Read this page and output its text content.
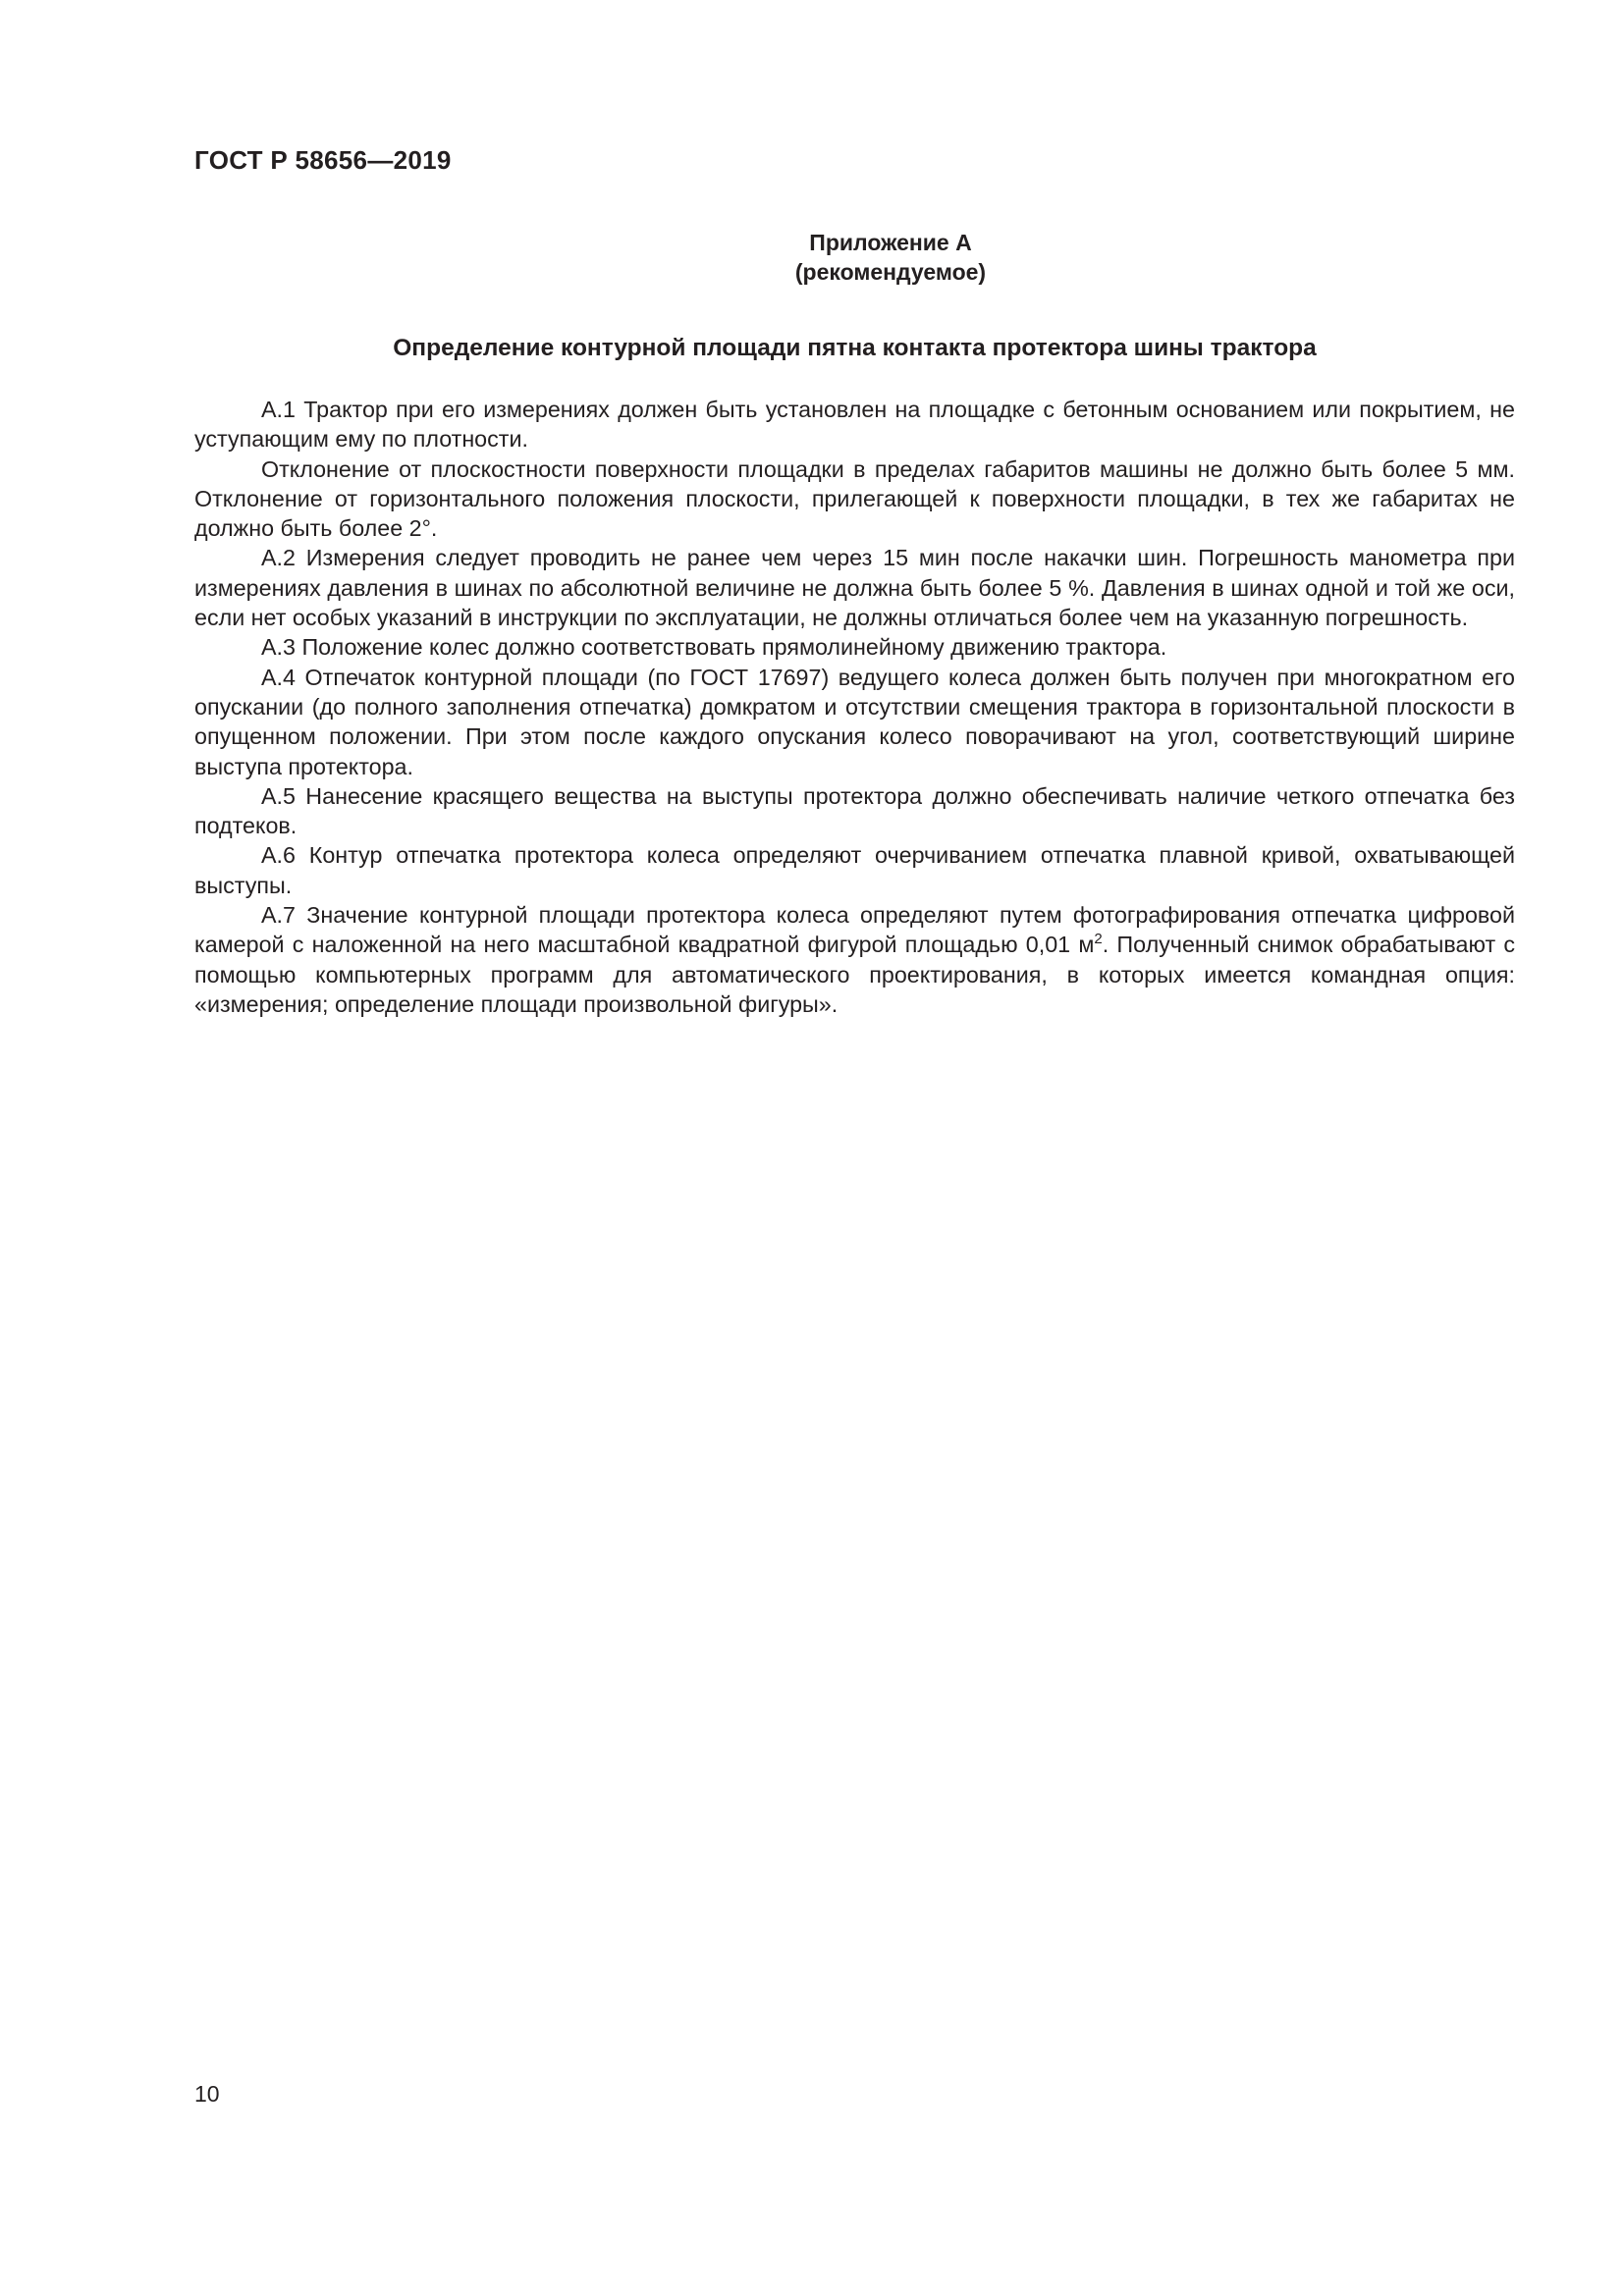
ГОСТ Р 58656—2019
Приложение А
(рекомендуемое)
Определение контурной площади пятна контакта протектора шины трактора

А.1 Трактор при его измерениях должен быть установлен на площадке с бетонным основанием или покрытием, не уступающим ему по плотности.

Отклонение от плоскостности поверхности площадки в пределах габаритов машины не должно быть более 5 мм. Отклонение от горизонтального положения плоскости, прилегающей к поверхности площадки, в тех же габаритах не должно быть более 2°.

А.2 Измерения следует проводить не ранее чем через 15 мин после накачки шин. Погрешность манометра при измерениях давления в шинах по абсолютной величине не должна быть более 5 %. Давления в шинах одной и той же оси, если нет особых указаний в инструкции по эксплуатации, не должны отличаться более чем на указанную погрешность.

А.3 Положение колес должно соответствовать прямолинейному движению трактора.

А.4 Отпечаток контурной площади (по ГОСТ 17697) ведущего колеса должен быть получен при многократном его опускании (до полного заполнения отпечатка) домкратом и отсутствии смещения трактора в горизонтальной плоскости в опущенном положении. При этом после каждого опускания колесо поворачивают на угол, соответствующий ширине выступа протектора.

А.5 Нанесение красящего вещества на выступы протектора должно обеспечивать наличие четкого отпечатка без подтеков.

А.6 Контур отпечатка протектора колеса определяют очерчиванием отпечатка плавной кривой, охватывающей выступы.

А.7 Значение контурной площади протектора колеса определяют путем фотографирования отпечатка цифровой камерой с наложенной на него масштабной квадратной фигурой площадью 0,01 $м^2$. Полученный снимок обрабатывают с помощью компьютерных программ для автоматического проектирования, в которых имеется командная опция: «измерения; определение площади произвольной фигуры».

10
